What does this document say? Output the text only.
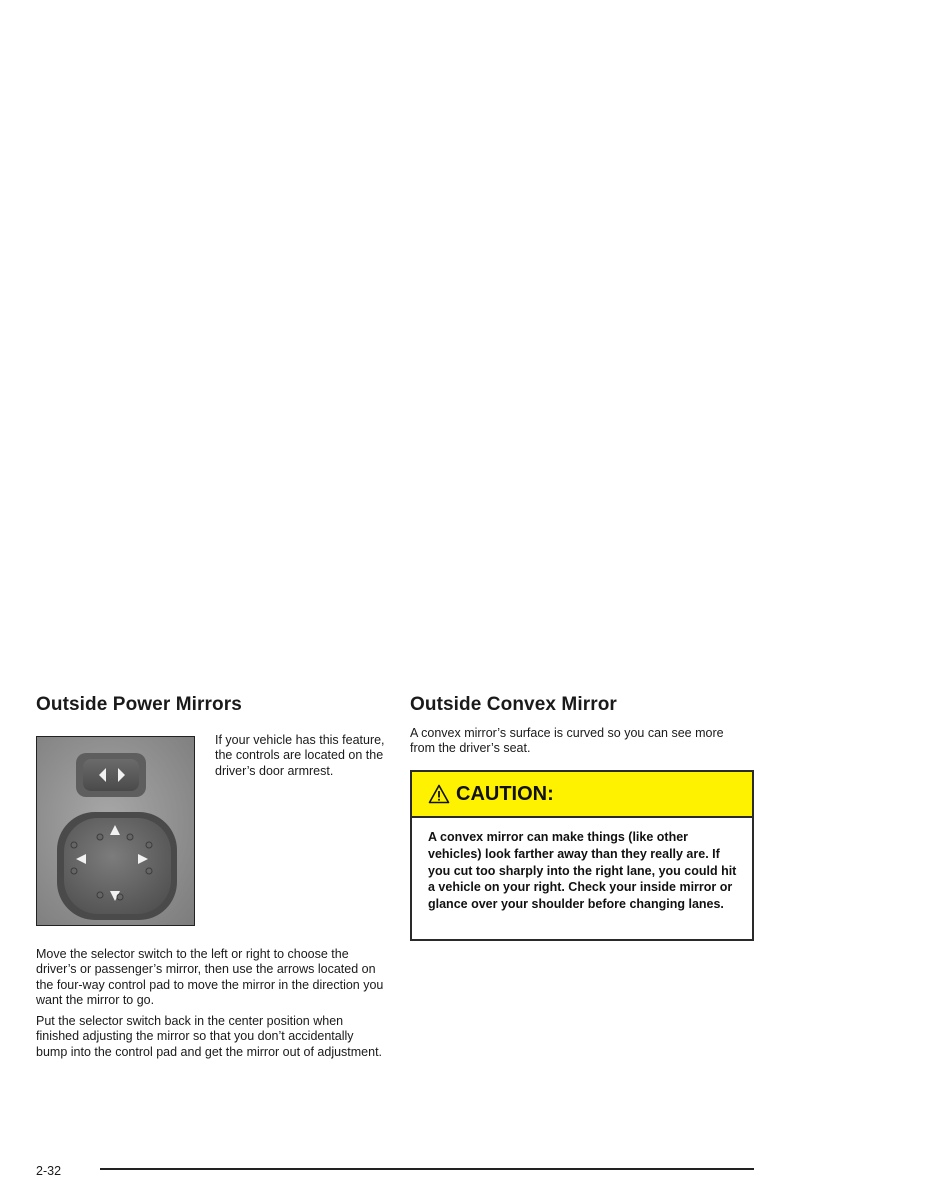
Outside Power Mirrors

If your vehicle has this feature, the controls are located on the driver’s door armrest.

Move the selector switch to the left or right to choose the driver’s or passenger’s mirror, then use the arrows located on the four-way control pad to move the mirror in the direction you want the mirror to go.

Put the selector switch back in the center position when finished adjusting the mirror so that you don’t accidentally bump into the control pad and get the mirror out of adjustment.

Outside Convex Mirror

A convex mirror’s surface is curved so you can see more from the driver’s seat.

CAUTION:
A convex mirror can make things (like other vehicles) look farther away than they really are. If you cut too sharply into the right lane, you could hit a vehicle on your right. Check your inside mirror or glance over your shoulder before changing lanes.
2-32
